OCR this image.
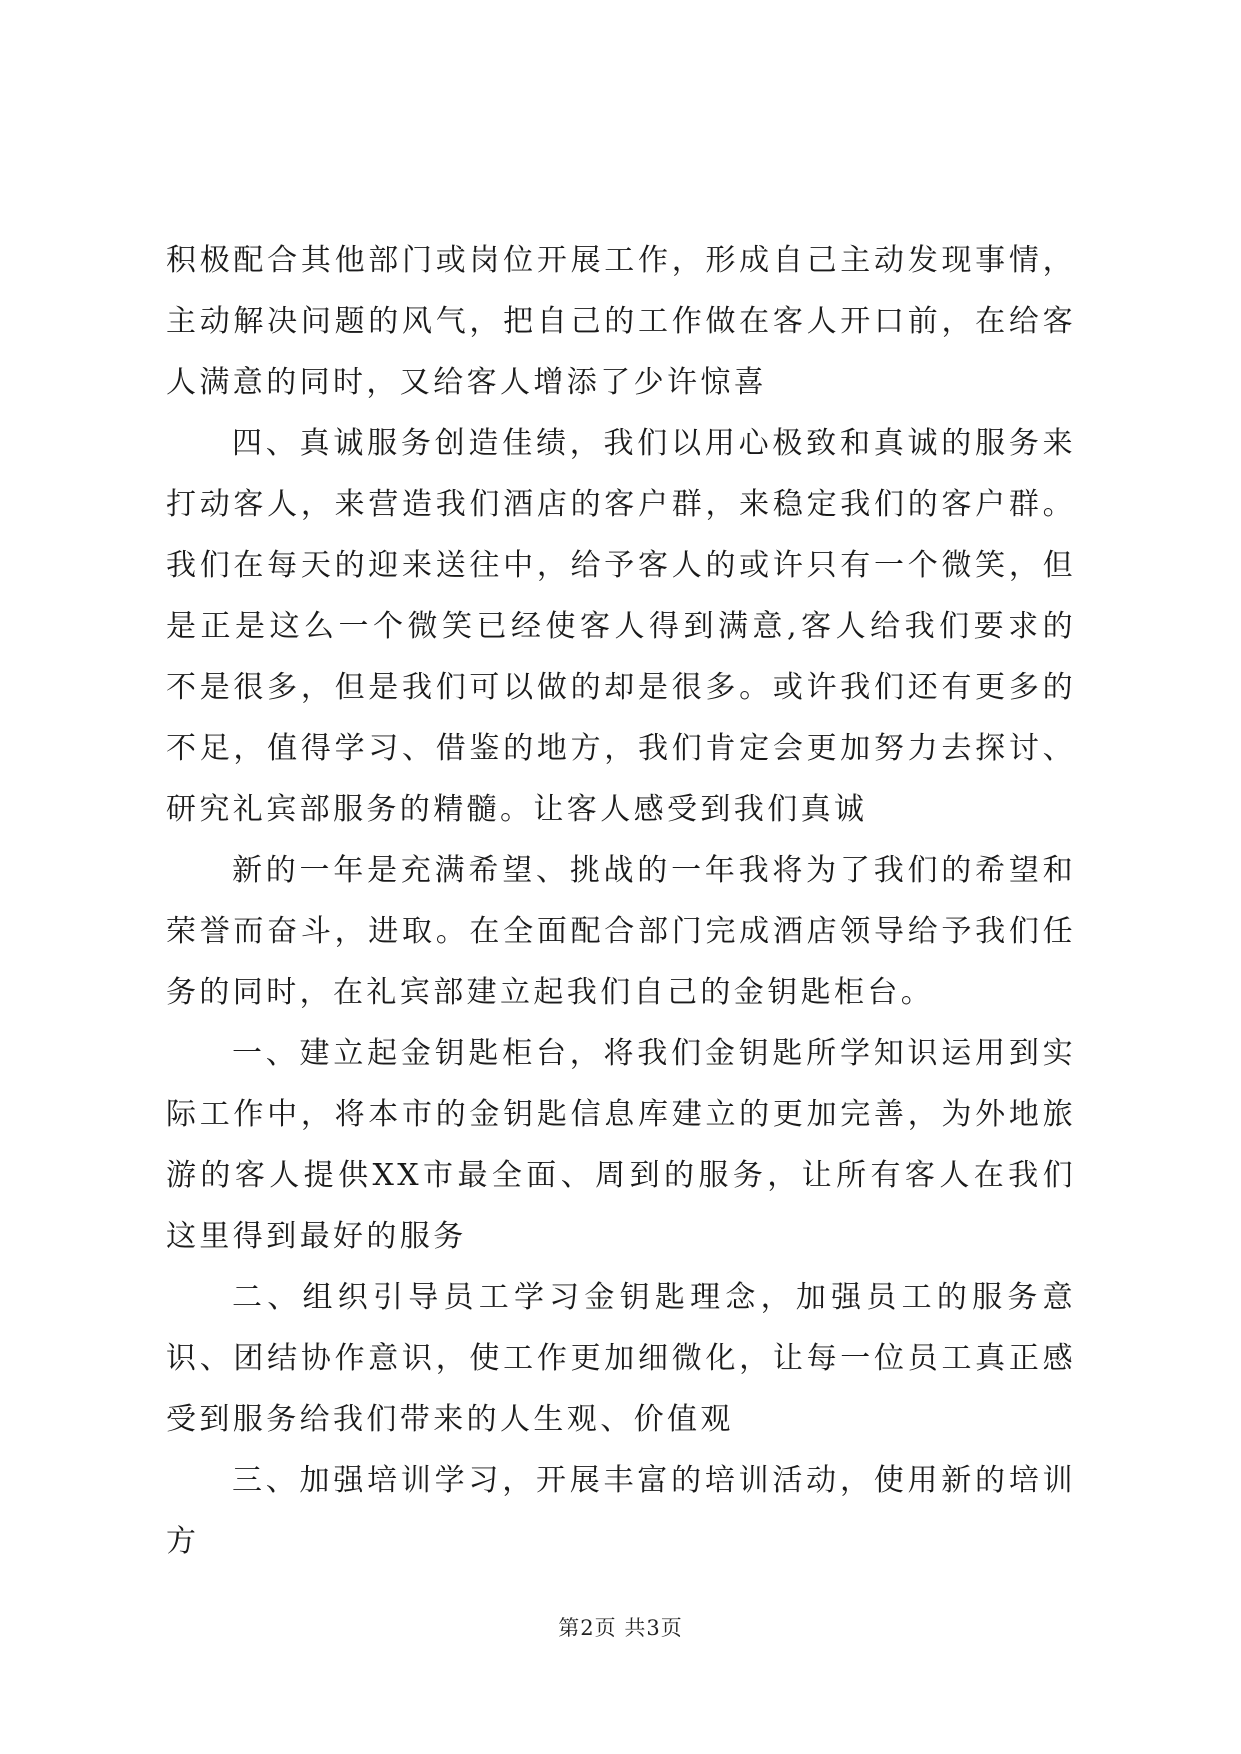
积极配合其他部门或岗位开展工作，形成自己主动发现事情，主动解决问题的风气，把自己的工作做在客人开口前，在给客人满意的同时，又给客人增添了少许惊喜

四、真诚服务创造佳绩，我们以用心极致和真诚的服务来打动客人，来营造我们酒店的客户群，来稳定我们的客户群。我们在每天的迎来送往中，给予客人的或许只有一个微笑，但是正是这么一个微笑已经使客人得到满意,客人给我们要求的不是很多，但是我们可以做的却是很多。或许我们还有更多的不足，值得学习、借鉴的地方，我们肯定会更加努力去探讨、研究礼宾部服务的精髓。让客人感受到我们真诚

新的一年是充满希望、挑战的一年我将为了我们的希望和荣誉而奋斗，进取。在全面配合部门完成酒店领导给予我们任务的同时，在礼宾部建立起我们自己的金钥匙柜台。

一、建立起金钥匙柜台，将我们金钥匙所学知识运用到实际工作中，将本市的金钥匙信息库建立的更加完善，为外地旅游的客人提供XX市最全面、周到的服务，让所有客人在我们这里得到最好的服务

二、组织引导员工学习金钥匙理念，加强员工的服务意识、团结协作意识，使工作更加细微化，让每一位员工真正感受到服务给我们带来的人生观、价值观

三、加强培训学习，开展丰富的培训活动，使用新的培训方

第2页 共3页
